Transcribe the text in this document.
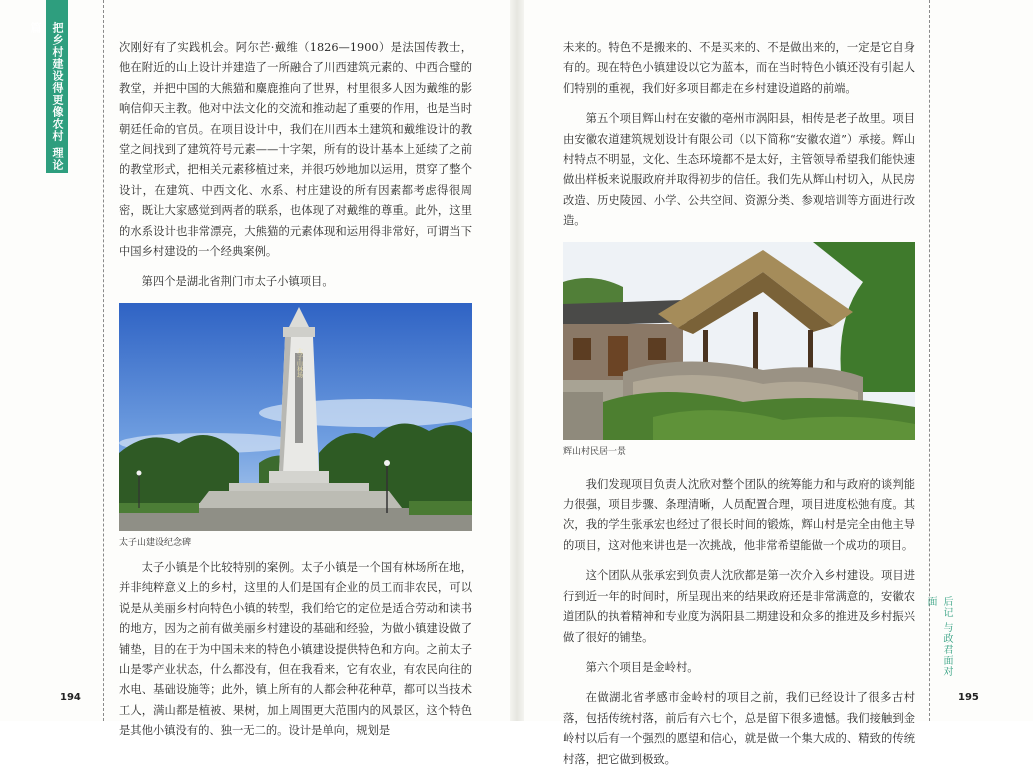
把乡村建设得更像农村 理论篇
后记 与政君面对面

次刚好有了实践机会。阿尔芒·戴维（1826—1900）是法国传教士，他在附近的山上设计并建造了一所融合了川西建筑元素的、中西合璧的教堂，并把中国的大熊猫和麋鹿推向了世界，村里很多人因为戴维的影响信仰天主教。他对中法文化的交流和推动起了重要的作用，也是当时朝廷任命的官员。在项目设计中，我们在川西本土建筑和戴维设计的教堂之间找到了建筑符号元素——十字架，所有的设计基本上延续了之前的教堂形式，把相关元素移植过来，并很巧妙地加以运用，贯穿了整个设计，在建筑、中西文化、水系、村庄建设的所有因素都考虑得很周密，既让大家感觉到两者的联系，也体现了对戴维的尊重。此外，这里的水系设计也非常漂亮，大熊猫的元素体现和运用得非常好，可谓当下中国乡村建设的一个经典案例。

第四个是湖北省荆门市太子小镇项目。

太子山林场
太子山建设纪念碑

太子小镇是个比较特别的案例。太子小镇是一个国有林场所在地，并非纯粹意义上的乡村，这里的人们是国有企业的员工而非农民，可以说是从美丽乡村向特色小镇的转型，我们给它的定位是适合劳动和读书的地方，因为之前有做美丽乡村建设的基础和经验，为做小镇建设做了铺垫，目的在于为中国未来的特色小镇建设提供特色和方向。之前太子山是零产业状态，什么都没有，但在我看来，它有农业，有农民向往的水电、基础设施等；此外，镇上所有的人都会种花种草，都可以当技术工人，满山都是植被、果树，加上周围更大范围内的风景区，这个特色是其他小镇没有的、独一无二的。设计是单向，规划是

194

未来的。特色不是搬来的、不是买来的、不是做出来的，一定是它自身有的。现在特色小镇建设以它为蓝本，而在当时特色小镇还没有引起人们特别的重视，我们好多项目都走在乡村建设道路的前端。

第五个项目辉山村在安徽的亳州市涡阳县，相传是老子故里。项目由安徽农道建筑规划设计有限公司（以下简称“安徽农道”）承接。辉山村特点不明显，文化、生态环境都不是太好，主管领导希望我们能快速做出样板来说服政府并取得初步的信任。我们先从辉山村切入，从民房改造、历史陵园、小学、公共空间、资源分类、参观培训等方面进行改造。

辉山村民居一景

我们发现项目负责人沈欣对整个团队的统筹能力和与政府的谈判能力很强，项目步骤、条理清晰，人员配置合理，项目进度松弛有度。其次，我的学生张承宏也经过了很长时间的锻炼，辉山村是完全由他主导的项目，这对他来讲也是一次挑战，他非常希望能做一个成功的项目。

这个团队从张承宏到负责人沈欣都是第一次介入乡村建设。项目进行到近一年的时间时，所呈现出来的结果政府还是非常满意的，安徽农道团队的执着精神和专业度为涡阳县二期建设和众多的推进及乡村振兴做了很好的铺垫。

第六个项目是金岭村。

在做湖北省孝感市金岭村的项目之前，我们已经设计了很多古村落，包括传统村落，前后有六七个，总是留下很多遗憾。我们接触到金岭村以后有一个强烈的愿望和信心，就是做一个集大成的、精致的传统村落，把它做到极致。

195
